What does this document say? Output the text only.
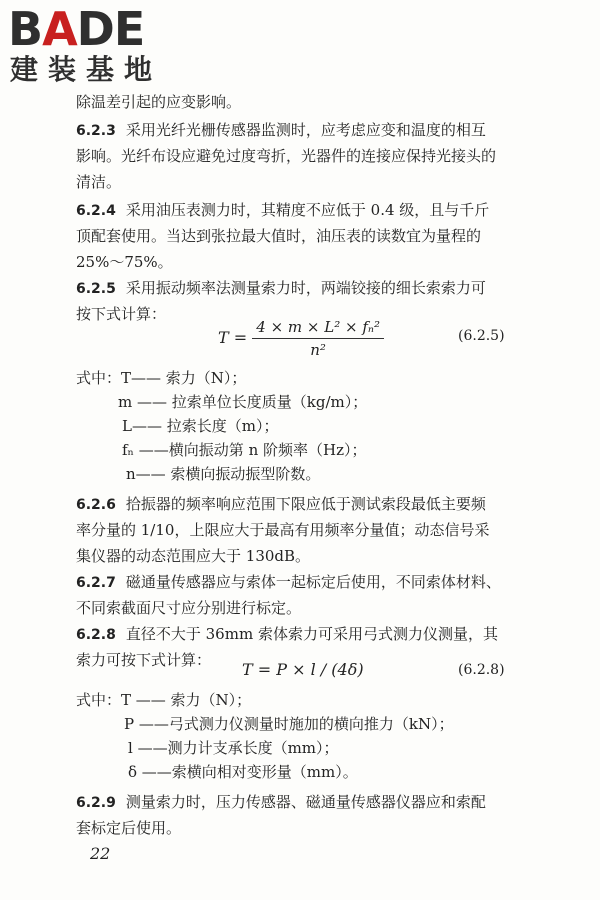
BADE
建装基地
除温差引起的应变影响。
6.2.3 采用光纤光栅传感器监测时，应考虑应变和温度的相互
影响。光纤布设应避免过度弯折，光器件的连接应保持光接头的
清洁。
6.2.4 采用油压表测力时，其精度不应低于 0.4 级，且与千斤
顶配套使用。当达到张拉最大值时，油压表的读数宜为量程的
25%～75%。
6.2.5 采用振动频率法测量索力时，两端铰接的细长索索力可
按下式计算：
$T = \frac{\text{4 × m × L² × fₙ²}}{\text{n²}}$	(6.2.5)
式中：T—— 索力（N）；
m —— 拉索单位长度质量（kg/m）；
L—— 拉索长度（m）；
fₙ ——横向振动第 n 阶频率（Hz）；
n—— 索横向振动振型阶数。
6.2.6 拾振器的频率响应范围下限应低于测试索段最低主要频
率分量的 1/10，上限应大于最高有用频率分量值；动态信号采
集仪器的动态范围应大于 130dB。
6.2.7 磁通量传感器应与索体一起标定后使用，不同索体材料、
不同索截面尺寸应分别进行标定。
6.2.8 直径不大于 36mm 索体索力可采用弓式测力仪测量，其
索力可按下式计算： T = P × l / (4δ)	(6.2.8)
式中：T —— 索力（N）；
P ——弓式测力仪测量时施加的横向推力（kN）；
l ——测力计支承长度（mm）；
δ ——索横向相对变形量（mm）。
6.2.9 测量索力时，压力传感器、磁通量传感器仪器应和索配
套标定后使用。
22
